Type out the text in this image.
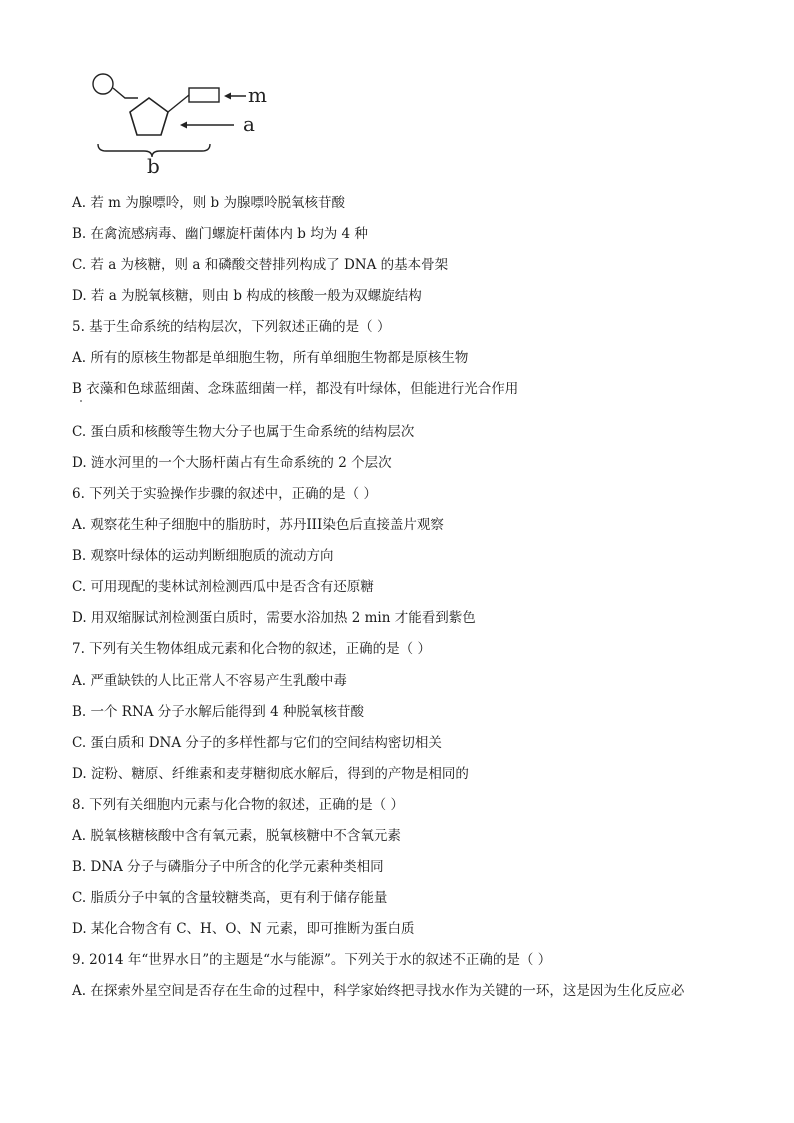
m
a
b
A. 若 m 为腺嘌呤，则 b 为腺嘌呤脱氧核苷酸
B. 在禽流感病毒、幽门螺旋杆菌体内 b 均为 4 种
C. 若 a 为核糖，则 a 和磷酸交替排列构成了 DNA 的基本骨架
D. 若 a 为脱氧核糖，则由 b 构成的核酸一般为双螺旋结构
5. 基于生命系统的结构层次，下列叙述正确的是（ ）
A. 所有的原核生物都是单细胞生物，所有单细胞生物都是原核生物
B 衣藻和色球蓝细菌、念珠蓝细菌一样，都没有叶绿体，但能进行光合作用
C. 蛋白质和核酸等生物大分子也属于生命系统的结构层次
D. 涟水河里的一个大肠杆菌占有生命系统的 2 个层次
6. 下列关于实验操作步骤的叙述中，正确的是（ ）
A. 观察花生种子细胞中的脂肪时，苏丹III染色后直接盖片观察
B. 观察叶绿体的运动判断细胞质的流动方向
C. 可用现配的斐林试剂检测西瓜中是否含有还原糖
D. 用双缩脲试剂检测蛋白质时，需要水浴加热 2 min 才能看到紫色
7. 下列有关生物体组成元素和化合物的叙述，正确的是（ ）
A. 严重缺铁的人比正常人不容易产生乳酸中毒
B. 一个 RNA 分子水解后能得到 4 种脱氧核苷酸
C. 蛋白质和 DNA 分子的多样性都与它们的空间结构密切相关
D. 淀粉、糖原、纤维素和麦芽糖彻底水解后，得到的产物是相同的
8. 下列有关细胞内元素与化合物的叙述，正确的是（ ）
A. 脱氧核糖核酸中含有氧元素，脱氧核糖中不含氧元素
B. DNA 分子与磷脂分子中所含的化学元素种类相同
C. 脂质分子中氧的含量较糖类高，更有利于储存能量
D. 某化合物含有 C、H、O、N 元素，即可推断为蛋白质
9. 2014 年“世界水日”的主题是“水与能源”。下列关于水的叙述不正确的是（ ）
A. 在探索外星空间是否存在生命的过程中，科学家始终把寻找水作为关键的一环，这是因为生化反应必
